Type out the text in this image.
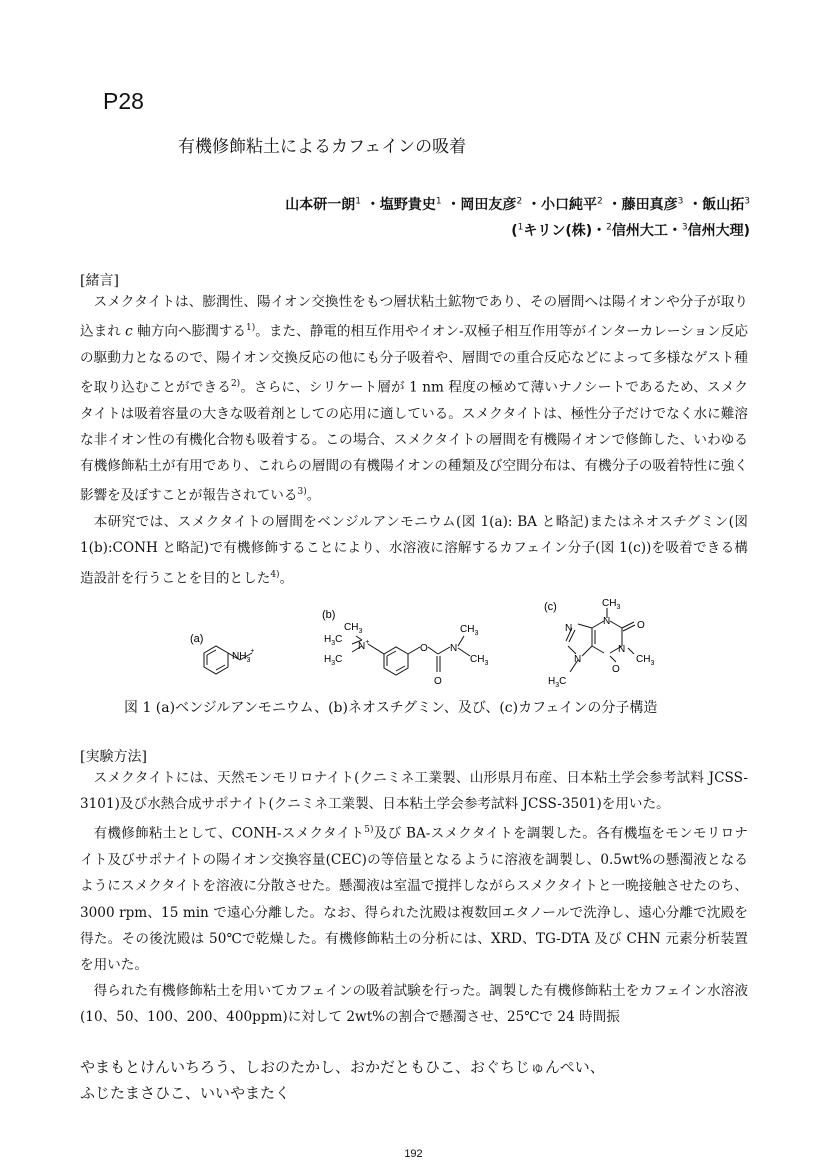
P28
有機修飾粘土によるカフェインの吸着
山本研一朗$^1$ ・塩野貴史$^1$ ・岡田友彦$^2$ ・小口純平$^2$ ・藤田真彦$^3$ ・飯山拓$^3$
($^1$キリン(株)・$^2$信州大工・$^3$信州大理)
[緒言]

スメクタイトは、膨潤性、陽イオン交換性をもつ層状粘土鉱物であり、その層間へは陽イオンや分子が取り込まれ c 軸方向へ膨潤する$^{1)}$。また、静電的相互作用やイオン-双極子相互作用等がインターカレーション反応の駆動力となるので、陽イオン交換反応の他にも分子吸着や、層間での重合反応などによって多様なゲスト種を取り込むことができる$^{2)}$。さらに、シリケート層が 1 nm 程度の極めて薄いナノシートであるため、スメクタイトは吸着容量の大きな吸着剤としての応用に適している。スメクタイトは、極性分子だけでなく水に難溶な非イオン性の有機化合物も吸着する。この場合、スメクタイトの層間を有機陽イオンで修飾した、いわゆる有機修飾粘土が有用であり、これらの層間の有機陽イオンの種類及び空間分布は、有機分子の吸着特性に強く影響を及ぼすことが報告されている$^{3)}$。

本研究では、スメクタイトの層間をベンジルアンモニウム(図 1(a): BA と略記)またはネオスチグミン(図 1(b):CONH と略記)で有機修飾することにより、水溶液に溶解するカフェイン分子(図 1(c))を吸着できる構造設計を行うことを目的とした$^{4)}$。

(a)
$NH_3^+$
(b)
$H_3C$
$CH_3$
$H_3C$
N+
O
O
N
$CH_3$
$CH_3$
(c)	$CH_3$
N	O
N
N
N
O
$CH_3$
$H_3C$
図 1 (a)ベンジルアンモニウム、(b)ネオスチグミン、及び、(c)カフェインの分子構造
[実験方法]

スメクタイトには、天然モンモリロナイト(クニミネ工業製、山形県月布産、日本粘土学会参考試料 JCSS-3101)及び水熱合成サポナイト(クニミネ工業製、日本粘土学会参考試料 JCSS-3501)を用いた。

有機修飾粘土として、CONH-スメクタイト$^{5)}$及び BA-スメクタイトを調製した。各有機塩をモンモリロナイト及びサポナイトの陽イオン交換容量(CEC)の等倍量となるように溶液を調製し、0.5wt%の懸濁液となるようにスメクタイトを溶液に分散させた。懸濁液は室温で撹拌しながらスメクタイトと一晩接触させたのち、3000 rpm、15 min で遠心分離した。なお、得られた沈殿は複数回エタノールで洗浄し、遠心分離で沈殿を得た。その後沈殿は 50℃で乾燥した。有機修飾粘土の分析には、XRD、TG-DTA 及び CHN 元素分析装置を用いた。

得られた有機修飾粘土を用いてカフェインの吸着試験を行った。調製した有機修飾粘土をカフェイン水溶液(10、50、100、200、400ppm)に対して 2wt%の割合で懸濁させ、25℃で 24 時間振

やまもとけんいちろう、しおのたかし、おかだともひこ、おぐちじゅんぺい、
ふじたまさひこ、いいやまたく
192
